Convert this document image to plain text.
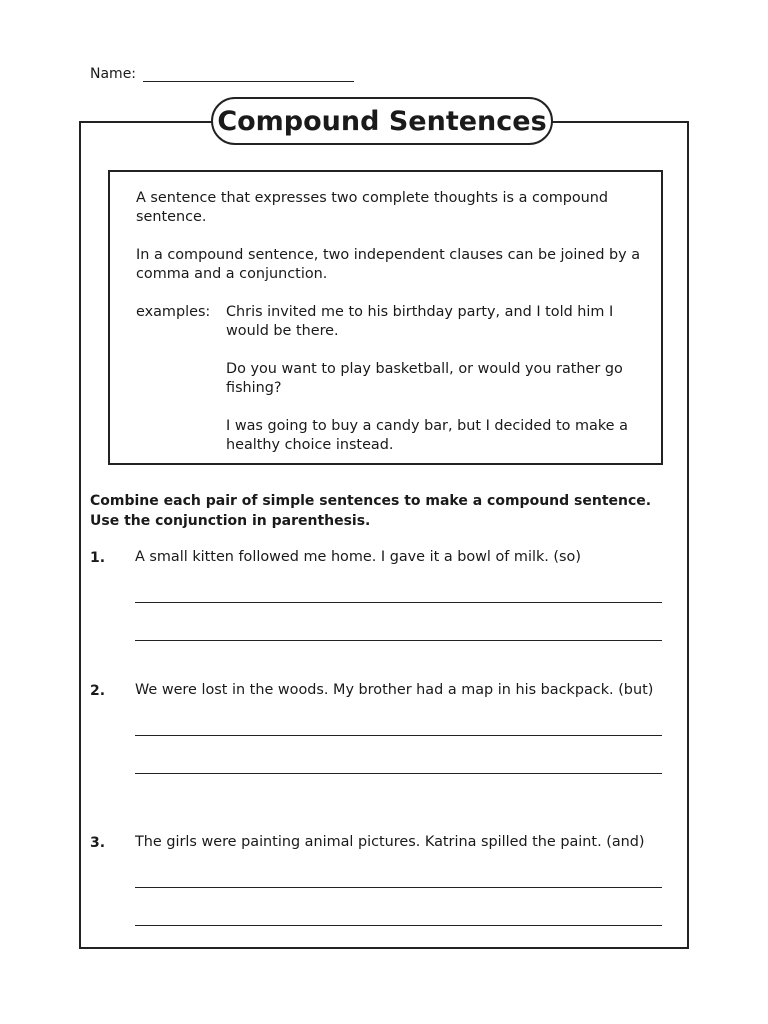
Name:
Compound Sentences

A sentence that expresses two complete thoughts is a compound sentence.

In a compound sentence, two independent clauses can be joined by a comma and a conjunction.

examples: Chris invited me to his birthday party, and I told him I would be there.

Do you want to play basketball, or would you rather go fishing?

I was going to buy a candy bar, but I decided to make a healthy choice instead.

Combine each pair of simple sentences to make a compound sentence. Use the conjunction in parenthesis.

1. A small kitten followed me home. I gave it a bowl of milk. (so)
2. We were lost in the woods. My brother had a map in his backpack. (but)
3. The girls were painting animal pictures. Katrina spilled the paint. (and)
